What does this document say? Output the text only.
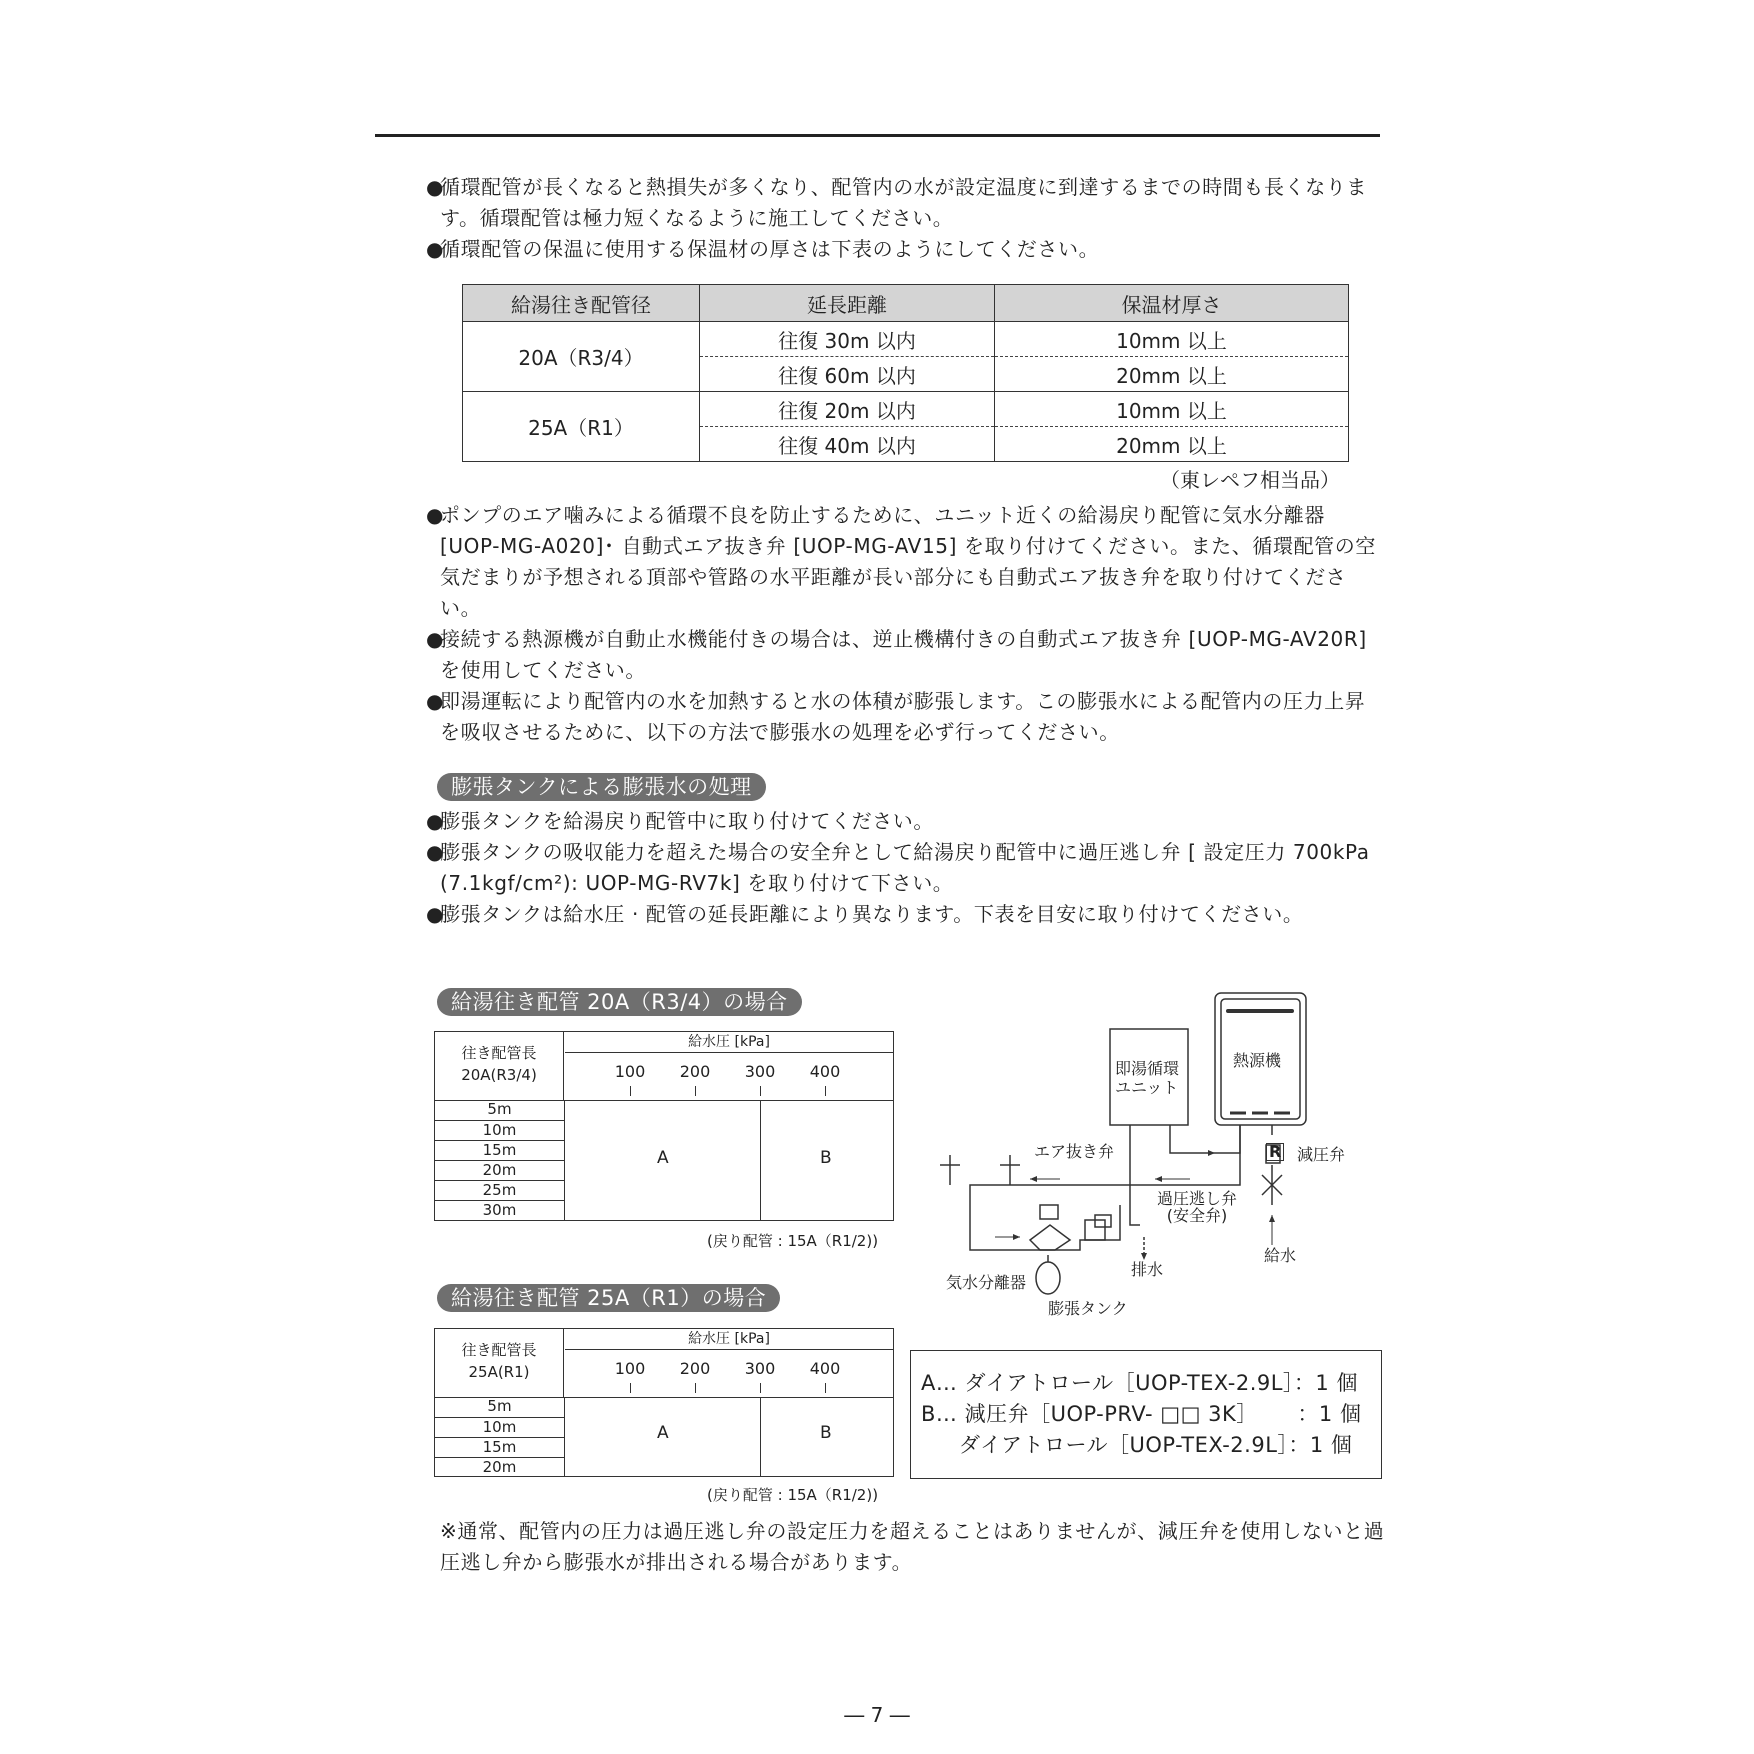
●
循環配管が長くなると熱損失が多くなり、配管内の水が設定温度に到達するまでの時間も長くなります。循環配管は極力短くなるように施工してください。
●
循環配管の保温に使用する保温材の厚さは下表のようにしてください。
給湯往き配管径	延長距離	保温材厚さ
20A（R3/4）	往復 30m 以内	10mm 以上
	往復 60m 以内	20mm 以上
25A（R1）	往復 20m 以内	10mm 以上
	往復 40m 以内	20mm 以上
（東レペフ相当品）
●
ポンプのエア噛みによる循環不良を防止するために、ユニット近くの給湯戻り配管に気水分離器 [UOP-MG-A020]･ 自動式エア抜き弁 [UOP-MG-AV15] を取り付けてください。また、循環配管の空気だまりが予想される頂部や管路の水平距離が長い部分にも自動式エア抜き弁を取り付けてください。
●
接続する熱源機が自動止水機能付きの場合は、逆止機構付きの自動式エア抜き弁 [UOP-MG-AV20R] を使用してください。
●
即湯運転により配管内の水を加熱すると水の体積が膨張します。この膨張水による配管内の圧力上昇を吸収させるために、以下の方法で膨張水の処理を必ず行ってください。
膨張タンクによる膨張水の処理
●
膨張タンクを給湯戻り配管中に取り付けてください。
●
膨張タンクの吸収能力を超えた場合の安全弁として給湯戻り配管中に過圧逃し弁 [ 設定圧力 700kPa (7.1kgf/cm²): UOP-MG-RV7k] を取り付けて下さい。
●
膨張タンクは給水圧 · 配管の延長距離により異なります。下表を目安に取り付けてください。
給湯往き配管 20A（R3/4）の場合
往き配管長
20A(R3/4)
給水圧 [kPa]
100	200	300	400
5m
10m
15m
20m
25m
30m
A	B
(戻り配管 : 15A（R1/2))
給湯往き配管 25A（R1）の場合
往き配管長
25A(R1)
給水圧 [kPa]
100	200	300	400
5m
10m
15m
20m
A	B
(戻り配管 : 15A（R1/2))
即湯循環
ユニット
熱源機
R 減圧弁
エア抜き弁
過圧逃し弁
(安全弁)
排水
給水
気水分離器
膨張タンク
A… ダイアトロール［UOP-TEX-2.9L］：1 個
B… 減圧弁［UOP-PRV- □□ 3K］　 　：1 個
ダイアトロール［UOP-TEX-2.9L］：1 個
※通常、配管内の圧力は過圧逃し弁の設定圧力を超えることはありませんが、減圧弁を使用しないと過圧逃し弁から膨張水が排出される場合があります。
― 7 ―
